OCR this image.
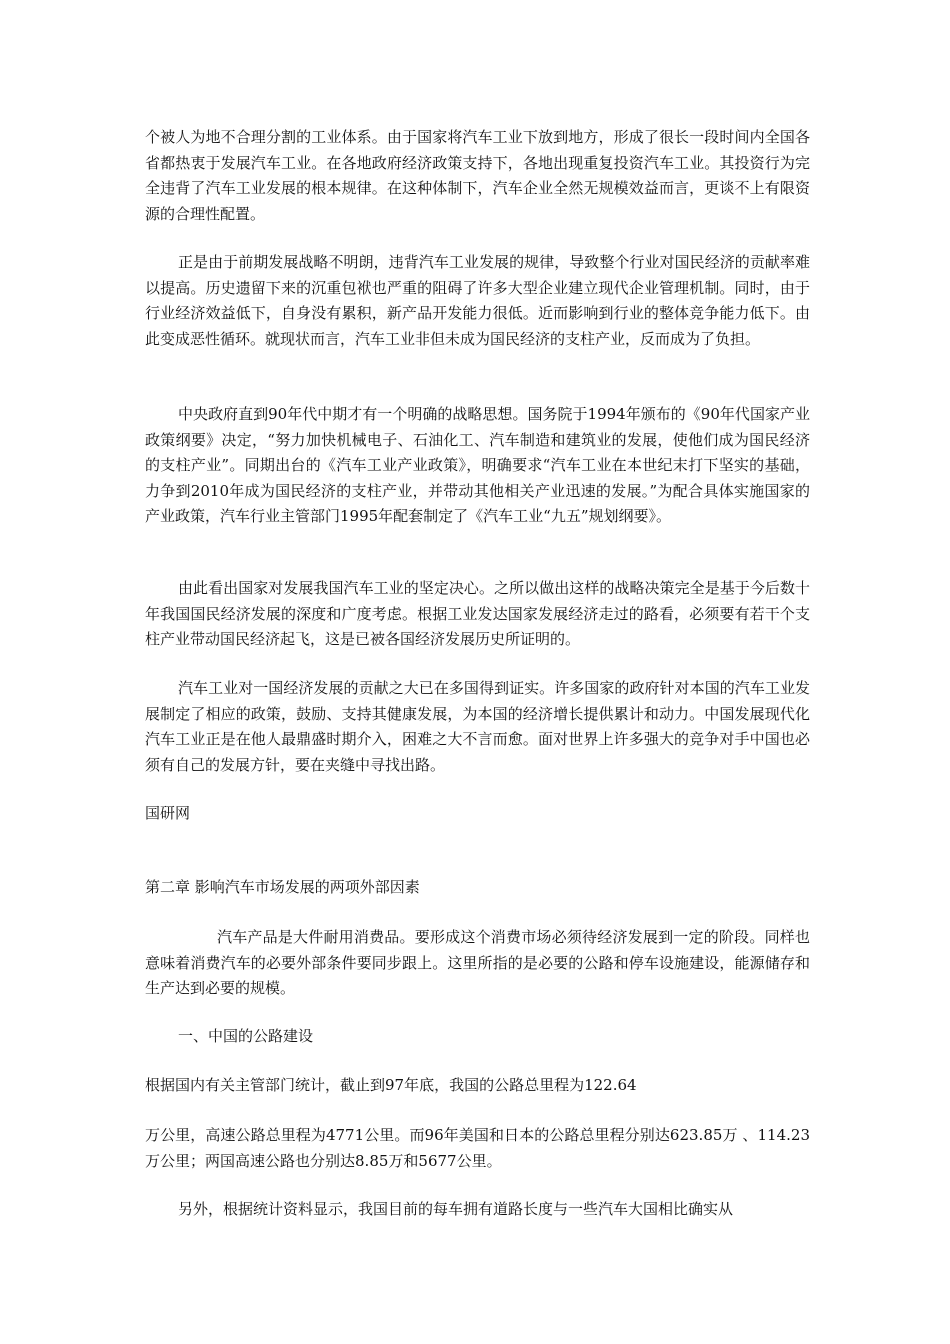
个被人为地不合理分割的工业体系。由于国家将汽车工业下放到地方，形成了很长一段时间内全国各省都热衷于发展汽车工业。在各地政府经济政策支持下，各地出现重复投资汽车工业。其投资行为完全违背了汽车工业发展的根本规律。在这种体制下，汽车企业全然无规模效益而言，更谈不上有限资源的合理性配置。

正是由于前期发展战略不明朗，违背汽车工业发展的规律，导致整个行业对国民经济的贡献率难以提高。历史遗留下来的沉重包袱也严重的阻碍了许多大型企业建立现代企业管理机制。同时，由于行业经济效益低下，自身没有累积，新产品开发能力很低。近而影响到行业的整体竞争能力低下。由此变成恶性循环。就现状而言，汽车工业非但未成为国民经济的支柱产业，反而成为了负担。

中央政府直到90年代中期才有一个明确的战略思想。国务院于1994年颁布的《90年代国家产业政策纲要》决定，“努力加快机械电子、石油化工、汽车制造和建筑业的发展，使他们成为国民经济的支柱产业”。同期出台的《汽车工业产业政策》，明确要求“汽车工业在本世纪末打下坚实的基础，力争到2010年成为国民经济的支柱产业，并带动其他相关产业迅速的发展。”为配合具体实施国家的产业政策，汽车行业主管部门1995年配套制定了《汽车工业“九五”规划纲要》。

由此看出国家对发展我国汽车工业的坚定决心。之所以做出这样的战略决策完全是基于今后数十年我国国民经济发展的深度和广度考虑。根据工业发达国家发展经济走过的路看，必须要有若干个支柱产业带动国民经济起飞，这是已被各国经济发展历史所证明的。

汽车工业对一国经济发展的贡献之大已在多国得到证实。许多国家的政府针对本国的汽车工业发展制定了相应的政策，鼓励、支持其健康发展，为本国的经济增长提供累计和动力。中国发展现代化汽车工业正是在他人最鼎盛时期介入，困难之大不言而愈。面对世界上许多强大的竞争对手中国也必须有自己的发展方针，要在夹缝中寻找出路。

国研网

第二章 影响汽车市场发展的两项外部因素

汽车产品是大件耐用消费品。要形成这个消费市场必须待经济发展到一定的阶段。同样也意味着消费汽车的必要外部条件要同步跟上。这里所指的是必要的公路和停车设施建设，能源储存和生产达到必要的规模。

一、中国的公路建设

根据国内有关主管部门统计，截止到97年底，我国的公路总里程为122.64

万公里，高速公路总里程为4771公里。而96年美国和日本的公路总里程分别达623.85万 、114.23万公里；两国高速公路也分别达8.85万和5677公里。

另外，根据统计资料显示，我国目前的每车拥有道路长度与一些汽车大国相比确实从
